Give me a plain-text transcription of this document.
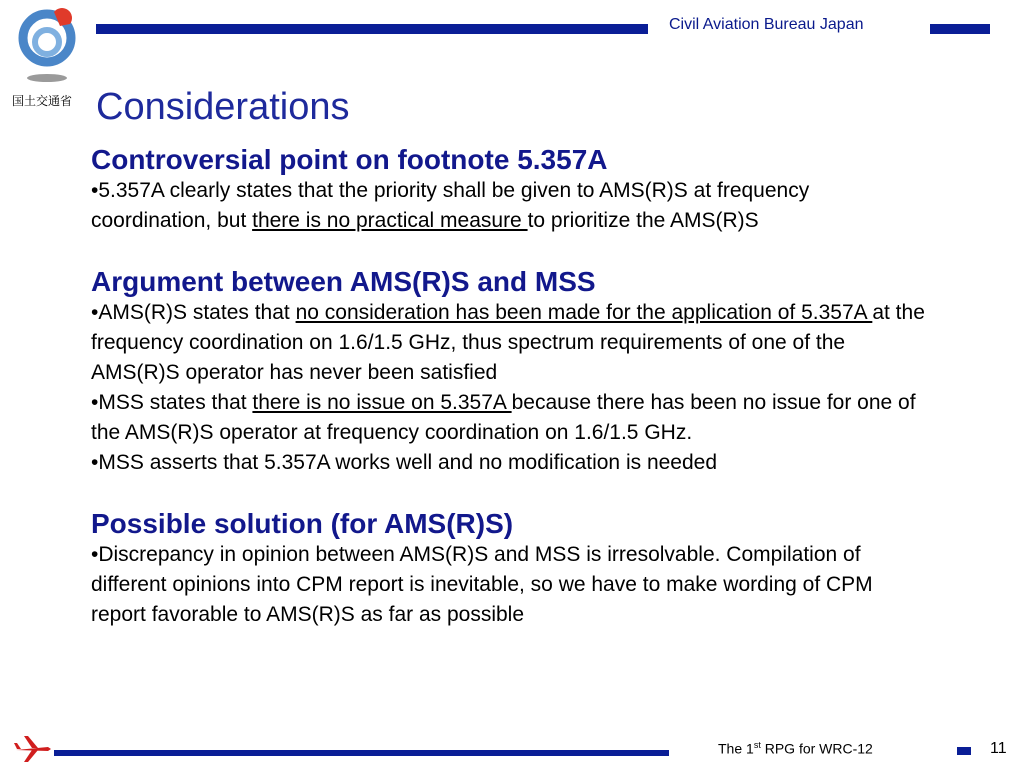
国土交通省
Civil Aviation Bureau Japan
Considerations
Controversial point on footnote 5.357A

•5.357A clearly states that the priority shall be given to AMS(R)S at frequency coordination, but there is no practical measure to prioritize the AMS(R)S

Argument between AMS(R)S and MSS

•AMS(R)S states that no consideration has been made for the application of 5.357A at the frequency coordination on 1.6/1.5 GHz, thus spectrum requirements of one of the AMS(R)S operator has never been satisfied

•MSS states that there is no issue on 5.357A because there has been no issue for one of the AMS(R)S operator at frequency coordination on 1.6/1.5 GHz.

•MSS asserts that 5.357A works well and no modification is needed

Possible solution (for AMS(R)S)

•Discrepancy in opinion between AMS(R)S and MSS is irresolvable. Compilation of different opinions into CPM report is inevitable, so we have to make wording of CPM report favorable to AMS(R)S as far as possible

The 1st RPG for WRC-12	11
